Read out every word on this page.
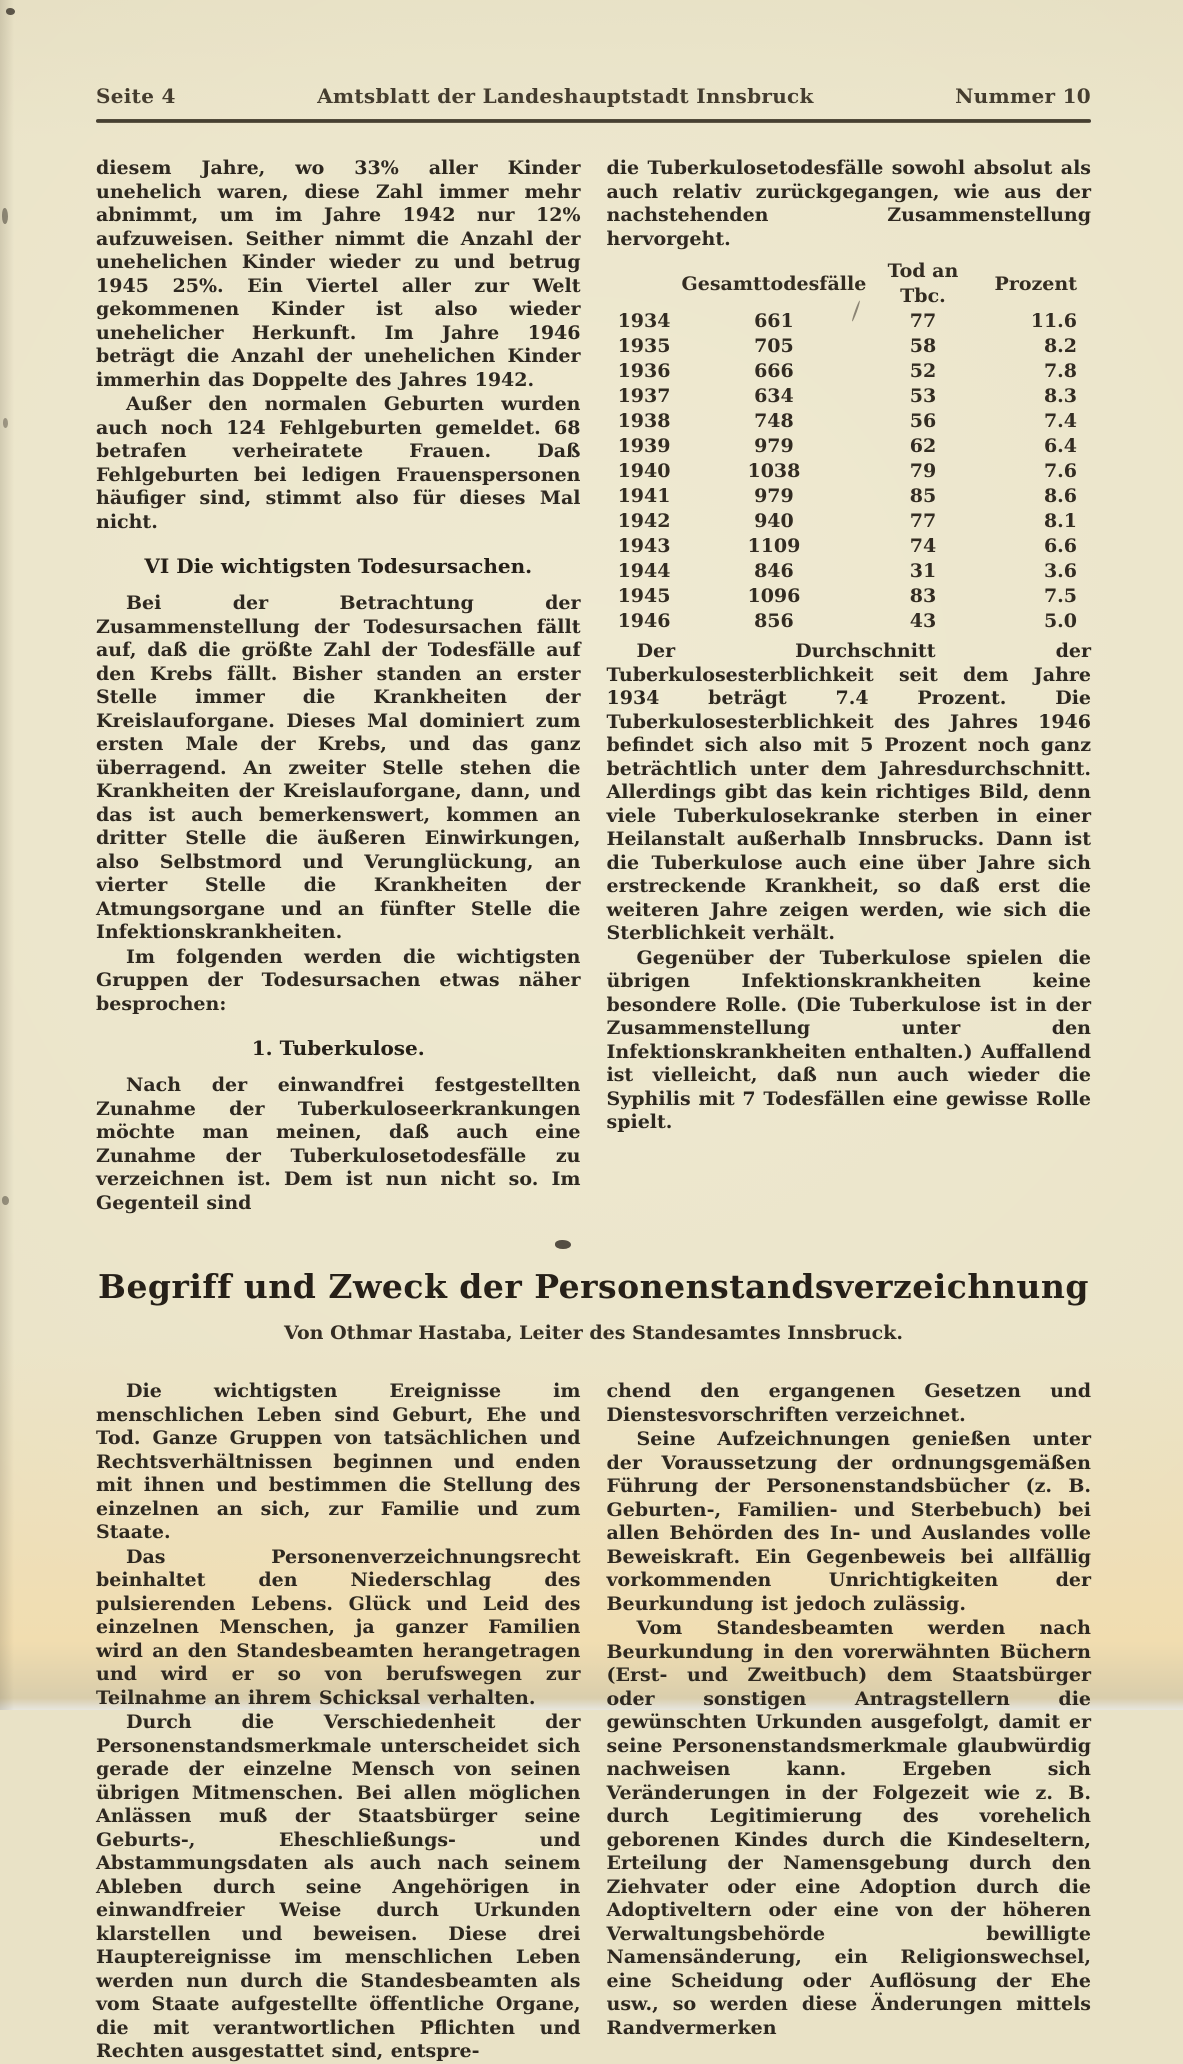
Seite 4	Amtsblatt der Landeshauptstadt Innsbruck	Nummer 10

diesem Jahre, wo 33% aller Kinder unehelich waren, diese Zahl immer mehr abnimmt, um im Jahre 1942 nur 12% aufzuweisen. Seither nimmt die Anzahl der unehelichen Kinder wieder zu und betrug 1945 25%. Ein Viertel aller zur Welt gekommenen Kinder ist also wieder unehelicher Herkunft. Im Jahre 1946 beträgt die Anzahl der unehelichen Kinder immerhin das Doppelte des Jahres 1942.

Außer den normalen Geburten wurden auch noch 124 Fehlgeburten gemeldet. 68 betrafen verheiratete Frauen. Daß Fehlgeburten bei ledigen Frauenspersonen häufiger sind, stimmt also für dieses Mal nicht.

VI Die wichtigsten Todesursachen.

Bei der Betrachtung der Zusammenstellung der Todesursachen fällt auf, daß die größte Zahl der Todesfälle auf den Krebs fällt. Bisher standen an erster Stelle immer die Krankheiten der Kreislauforgane. Dieses Mal dominiert zum ersten Male der Krebs, und das ganz überragend. An zweiter Stelle stehen die Krankheiten der Kreislauforgane, dann, und das ist auch bemerkenswert, kommen an dritter Stelle die äußeren Einwirkungen, also Selbstmord und Verunglückung, an vierter Stelle die Krankheiten der Atmungsorgane und an fünfter Stelle die Infektionskrankheiten.

Im folgenden werden die wichtigsten Gruppen der Todesursachen etwas näher besprochen:

1. Tuberkulose.

Nach der einwandfrei festgestellten Zunahme der Tuberkuloseerkrankungen möchte man meinen, daß auch eine Zunahme der Tuberkulosetodesfälle zu verzeichnen ist. Dem ist nun nicht so. Im Gegenteil sind

die Tuberkulosetodesfälle sowohl absolut als auch relativ zurückgegangen, wie aus der nachstehenden Zusammenstellung hervorgeht.

	Gesamttodesfälle	Tod an Tbc.	Prozent
1934	661	77	11.6
1935	705	58	8.2
1936	666	52	7.8
1937	634	53	8.3
1938	748	56	7.4
1939	979	62	6.4
1940	1038	79	7.6
1941	979	85	8.6
1942	940	77	8.1
1943	1109	74	6.6
1944	846	31	3.6
1945	1096	83	7.5
1946	856	43	5.0

Der Durchschnitt der Tuberkulosesterblichkeit seit dem Jahre 1934 beträgt 7.4 Prozent. Die Tuberkulosesterblichkeit des Jahres 1946 befindet sich also mit 5 Prozent noch ganz beträchtlich unter dem Jahresdurchschnitt. Allerdings gibt das kein richtiges Bild, denn viele Tuberkulosekranke sterben in einer Heilanstalt außerhalb Innsbrucks. Dann ist die Tuberkulose auch eine über Jahre sich erstreckende Krankheit, so daß erst die weiteren Jahre zeigen werden, wie sich die Sterblichkeit verhält.

Gegenüber der Tuberkulose spielen die übrigen Infektionskrankheiten keine besondere Rolle. (Die Tuberkulose ist in der Zusammenstellung unter den Infektionskrankheiten enthalten.) Auffallend ist vielleicht, daß nun auch wieder die Syphilis mit 7 Todesfällen eine gewisse Rolle spielt.

Begriff und Zweck der Personenstandsverzeichnung
Von Othmar Hastaba, Leiter des Standesamtes Innsbruck.

Die wichtigsten Ereignisse im menschlichen Leben sind Geburt, Ehe und Tod. Ganze Gruppen von tatsächlichen und Rechtsverhältnissen beginnen und enden mit ihnen und bestimmen die Stellung des einzelnen an sich, zur Familie und zum Staate.

Das Personenverzeichnungsrecht beinhaltet den Niederschlag des pulsierenden Lebens. Glück und Leid des einzelnen Menschen, ja ganzer Familien wird an den Standesbeamten herangetragen und wird er so von berufswegen zur Teilnahme an ihrem Schicksal verhalten.

Durch die Verschiedenheit der Personenstandsmerkmale unterscheidet sich gerade der einzelne Mensch von seinen übrigen Mitmenschen. Bei allen möglichen Anlässen muß der Staatsbürger seine Geburts-, Eheschließungs- und Abstammungsdaten als auch nach seinem Ableben durch seine Angehörigen in einwandfreier Weise durch Urkunden klarstellen und beweisen. Diese drei Hauptereignisse im menschlichen Leben werden nun durch die Standesbeamten als vom Staate aufgestellte öffentliche Organe, die mit verantwortlichen Pflichten und Rechten ausgestattet sind, entspre-

chend den ergangenen Gesetzen und Dienstesvorschriften verzeichnet.

Seine Aufzeichnungen genießen unter der Voraussetzung der ordnungsgemäßen Führung der Personenstandsbücher (z. B. Geburten-, Familien- und Sterbebuch) bei allen Behörden des In- und Auslandes volle Beweiskraft. Ein Gegenbeweis bei allfällig vorkommenden Unrichtigkeiten der Beurkundung ist jedoch zulässig.

Vom Standesbeamten werden nach Beurkundung in den vorerwähnten Büchern (Erst- und Zweitbuch) dem Staatsbürger oder sonstigen Antragstellern die gewünschten Urkunden ausgefolgt, damit er seine Personenstandsmerkmale glaubwürdig nachweisen kann. Ergeben sich Veränderungen in der Folgezeit wie z. B. durch Legitimierung des vorehelich geborenen Kindes durch die Kindeseltern, Erteilung der Namensgebung durch den Ziehvater oder eine Adoption durch die Adoptiveltern oder eine von der höheren Verwaltungsbehörde bewilligte Namensänderung, ein Religionswechsel, eine Scheidung oder Auflösung der Ehe usw., so werden diese Änderungen mittels Randvermerken
